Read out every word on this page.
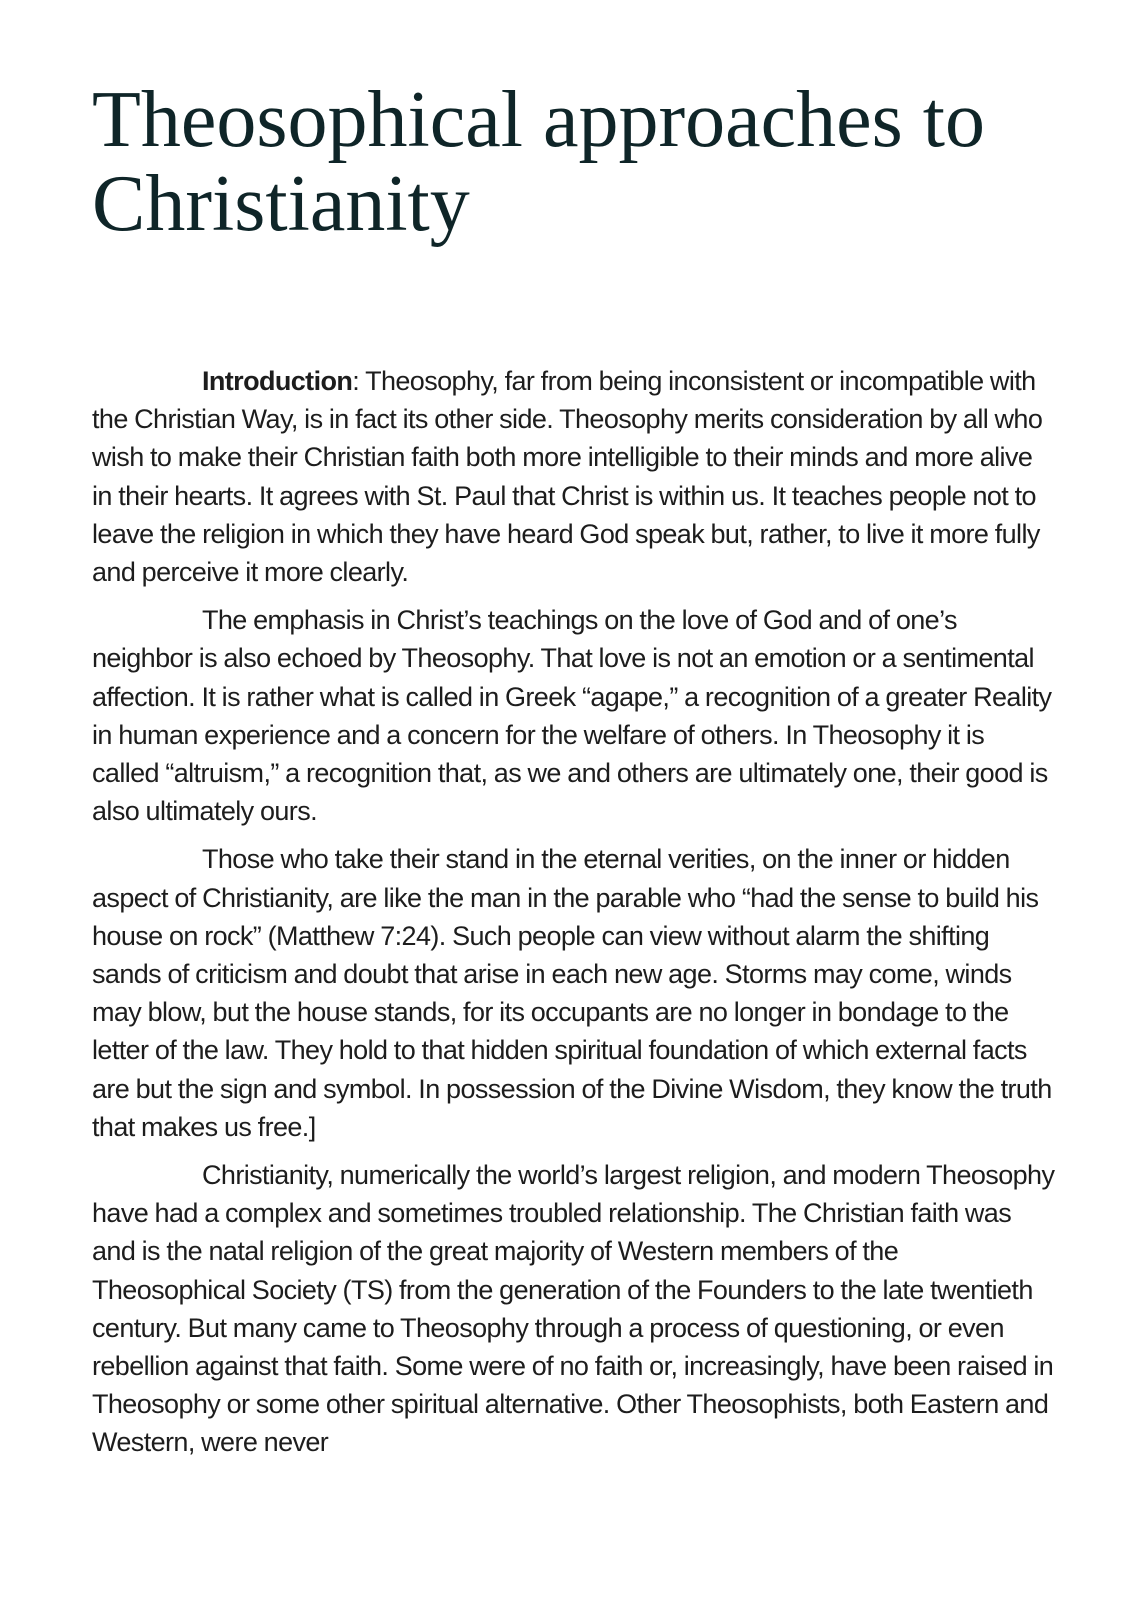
Theosophical approaches to Christianity

Introduction: Theosophy, far from being inconsistent or incompatible with the Christian Way, is in fact its other side. Theosophy merits consideration by all who wish to make their Christian faith both more intelligible to their minds and more alive in their hearts. It agrees with St. Paul that Christ is within us. It teaches people not to leave the religion in which they have heard God speak but, rather, to live it more fully and perceive it more clearly.

The emphasis in Christ’s teachings on the love of God and of one’s neighbor is also echoed by Theosophy. That love is not an emotion or a sentimental affection. It is rather what is called in Greek “agape,” a recognition of a greater Reality in human experience and a concern for the welfare of others. In Theosophy it is called “altruism,” a recognition that, as we and others are ultimately one, their good is also ultimately ours.

Those who take their stand in the eternal verities, on the inner or hidden aspect of Christianity, are like the man in the parable who “had the sense to build his house on rock” (Matthew 7:24). Such people can view without alarm the shifting sands of criticism and doubt that arise in each new age. Storms may come, winds may blow, but the house stands, for its occupants are no longer in bondage to the letter of the law. They hold to that hidden spiritual foundation of which external facts are but the sign and symbol. In possession of the Divine Wisdom, they know the truth that makes us free.]

Christianity, numerically the world’s largest religion, and modern Theosophy have had a complex and sometimes troubled relationship. The Christian faith was and is the natal religion of the great majority of Western members of the Theosophical Society (TS) from the generation of the Founders to the late twentieth century. But many came to Theosophy through a process of questioning, or even rebellion against that faith. Some were of no faith or, increasingly, have been raised in Theosophy or some other spiritual alternative. Other Theosophists, both Eastern and Western, were never
